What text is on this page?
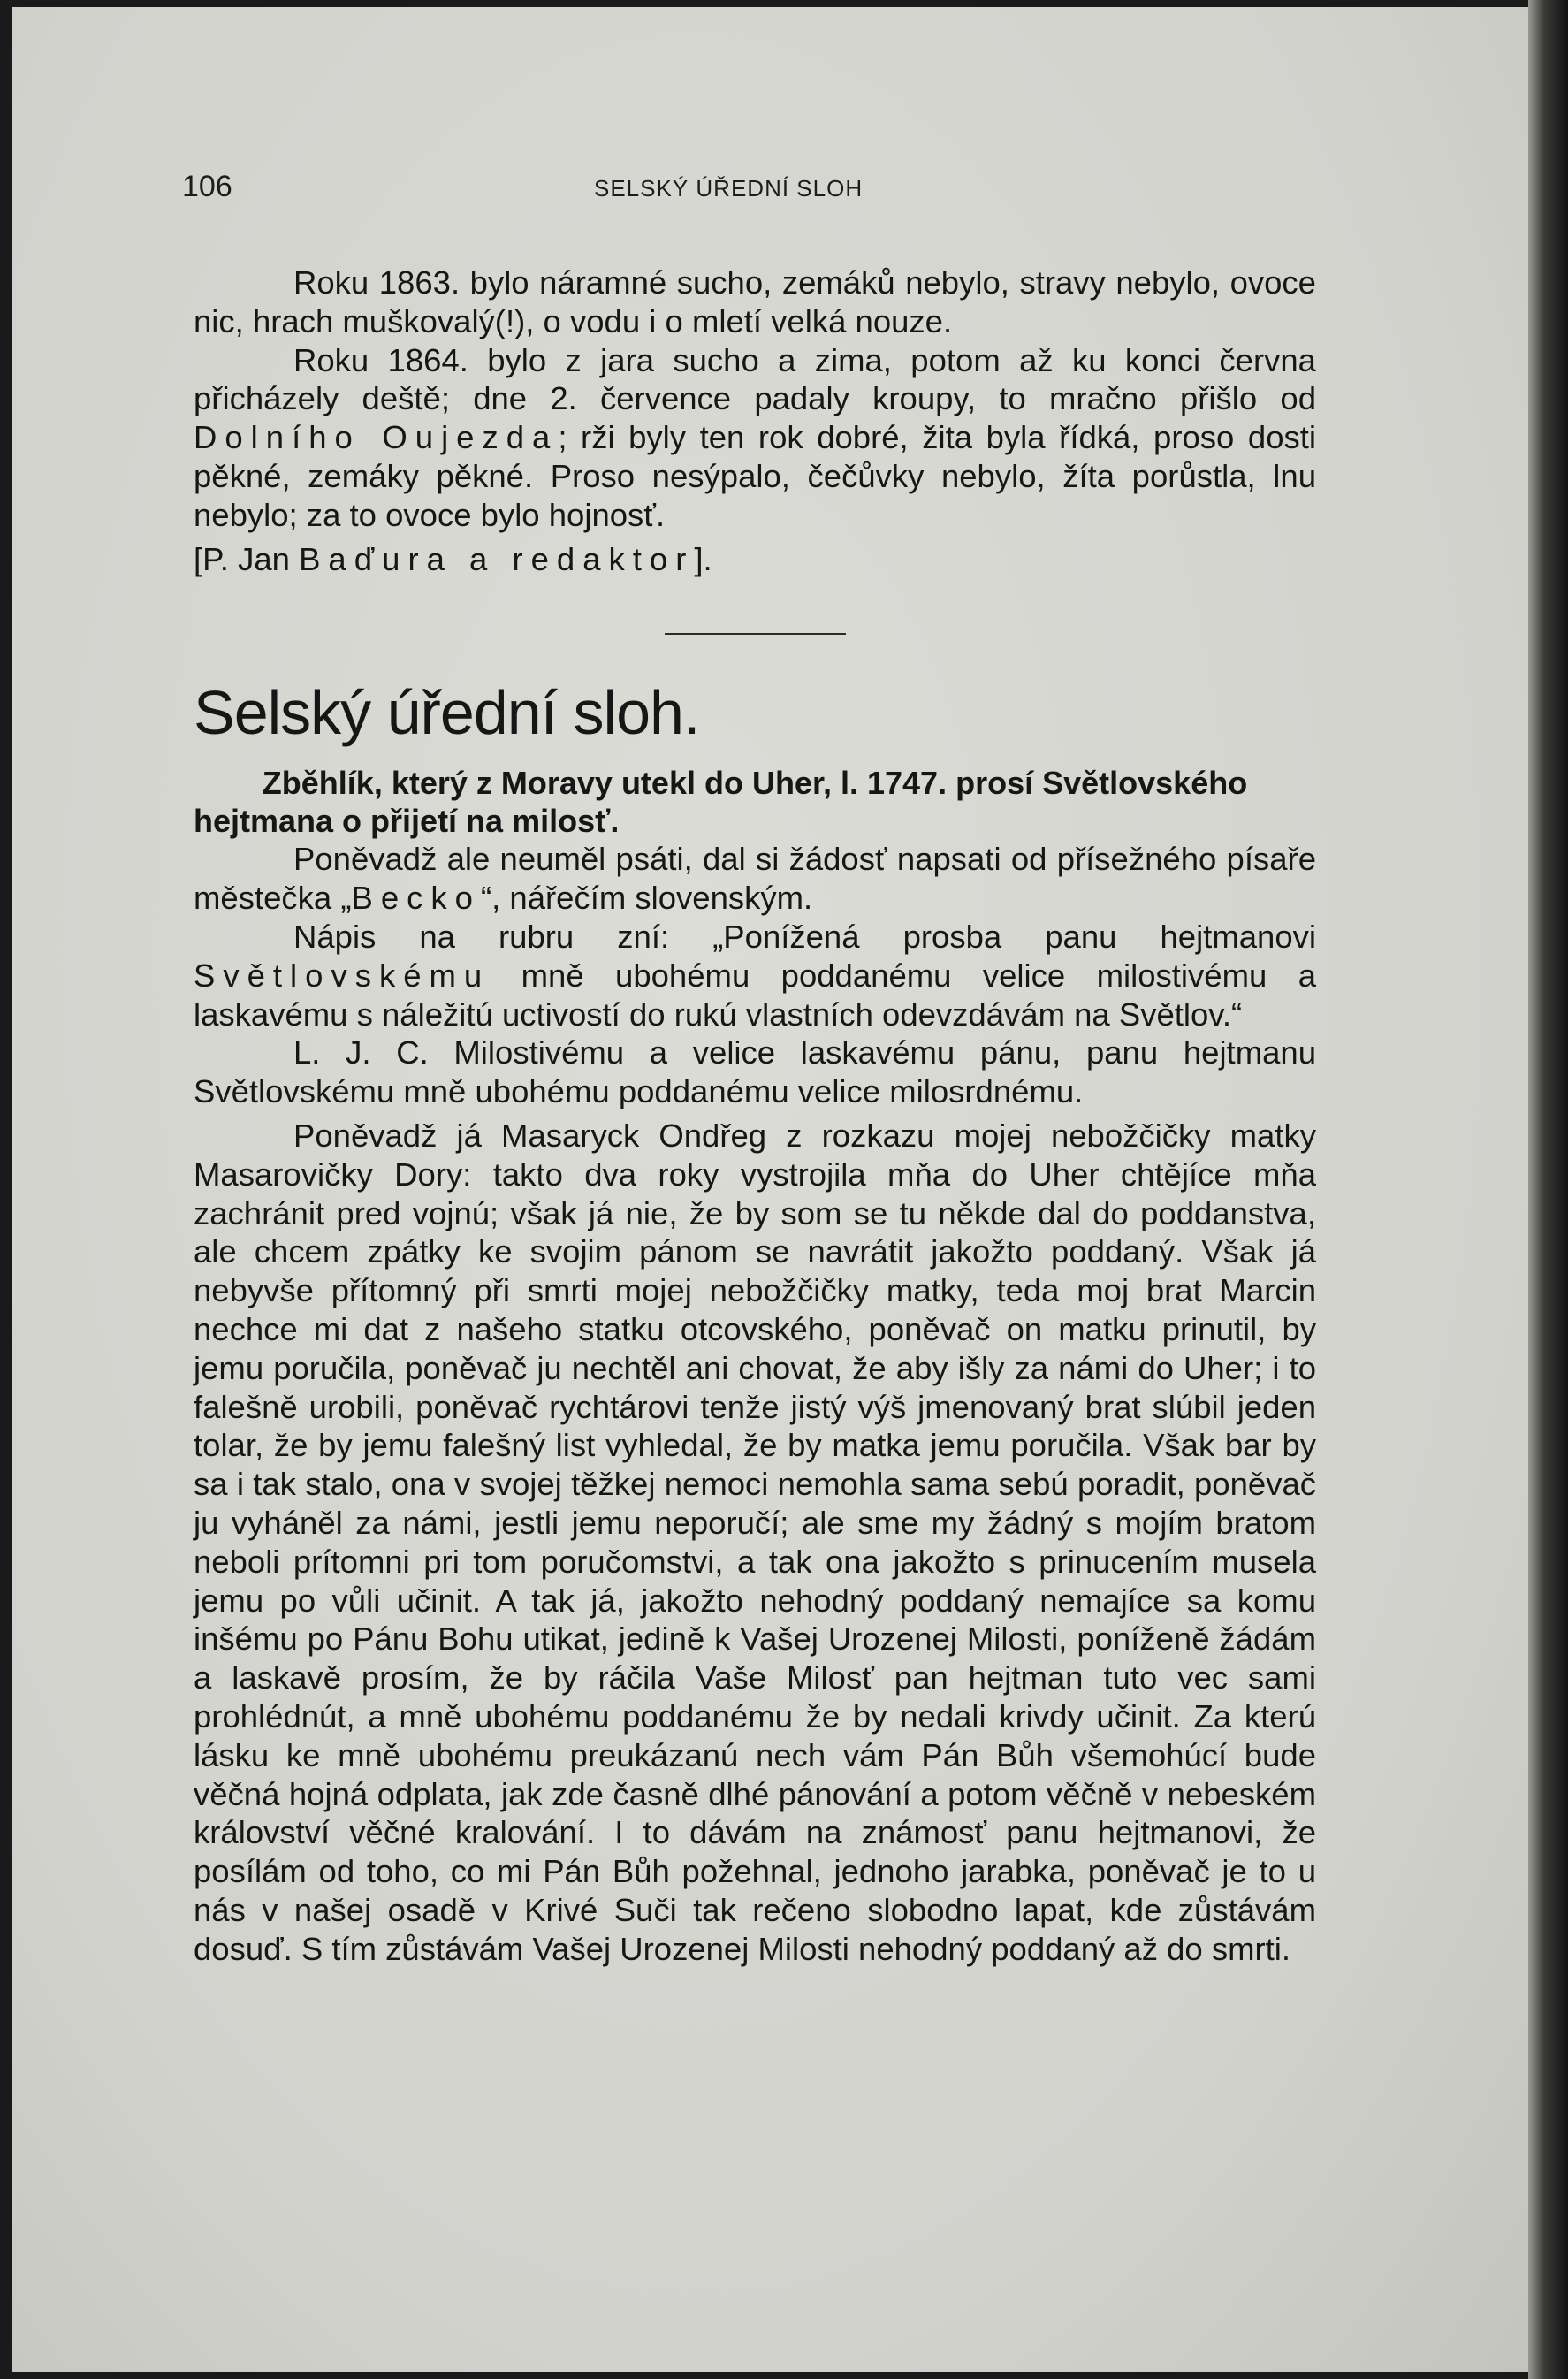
106	SELSKÝ ÚŘEDNÍ SLOH

Roku 1863. bylo náramné sucho, zemáků nebylo, stravy nebylo, ovoce nic, hrach muškovalý(!), o vodu i o mletí velká nouze.

Roku 1864. bylo z jara sucho a zima, potom až ku konci června přicházely deště; dne 2. července padaly kroupy, to mračno přišlo od Dolního Oujezda; rži byly ten rok dobré, žita byla řídká, proso dosti pěkné, zemáky pěkné. Proso nesýpalo, čečůvky nebylo, žíta porůstla, lnu nebylo; za to ovoce bylo hojnosť.

[P. Jan Baďura a redaktor].

Selský úřední sloh.

Zběhlík, který z Moravy utekl do Uher, l. 1747. prosí Světlovského hejtmana o přijetí na milosť.

Poněvadž ale neuměl psáti, dal si žádosť napsati od přísežného písaře městečka „Becko“, nářečím slovenským.

Nápis na rubru zní: „Ponížená prosba panu hejtmanovi Světlovskému mně ubohému poddanému velice milostivému a laskavému s náležitú uctivostí do rukú vlastních odevzdávám na Světlov.“

L. J. C. Milostivému a velice laskavému pánu, panu hejtmanu Světlovskému mně ubohému poddanému velice milosrdnému.

Poněvadž já Masaryck Ondřeg z rozkazu mojej nebožčičky matky Masarovičky Dory: takto dva roky vystrojila mňa do Uher chtějíce mňa zachránit pred vojnú; však já nie, že by som se tu někde dal do poddanstva, ale chcem zpátky ke svojim pánom se navrátit jakožto poddaný. Však já nebyvše přítomný při smrti mojej nebožčičky matky, teda moj brat Marcin nechce mi dat z našeho statku otcovského, poněvač on matku prinutil, by jemu poručila, poněvač ju nechtěl ani chovat, že aby išly za námi do Uher; i to falešně urobili, poněvač rychtárovi tenže jistý výš jmenovaný brat slúbil jeden tolar, že by jemu falešný list vyhledal, že by matka jemu poručila. Však bar by sa i tak stalo, ona v svojej těžkej nemoci nemohla sama sebú poradit, poněvač ju vyháněl za námi, jestli jemu neporučí; ale sme my žádný s mojím bratom neboli prítomni pri tom poručomstvi, a tak ona jakožto s prinucením musela jemu po vůli učinit. A tak já, jakožto nehodný poddaný nemajíce sa komu inšému po Pánu Bohu utikat, jedině k Vašej Urozenej Milosti, poníženě žádám a laskavě prosím, že by ráčila Vaše Milosť pan hejtman tuto vec sami prohlédnút, a mně ubohému poddanému že by nedali krivdy učinit. Za kterú lásku ke mně ubohému preukázanú nech vám Pán Bůh všemohúcí bude věčná hojná odplata, jak zde časně dlhé pánování a potom věčně v nebeském království věčné kralování. I to dávám na známosť panu hejtmanovi, že posílám od toho, co mi Pán Bůh požehnal, jednoho jarabka, poněvač je to u nás v našej osadě v Krivé Suči tak rečeno slobodno lapat, kde zůstávám dosuď. S tím zůstávám Vašej Urozenej Milosti nehodný poddaný až do smrti.
